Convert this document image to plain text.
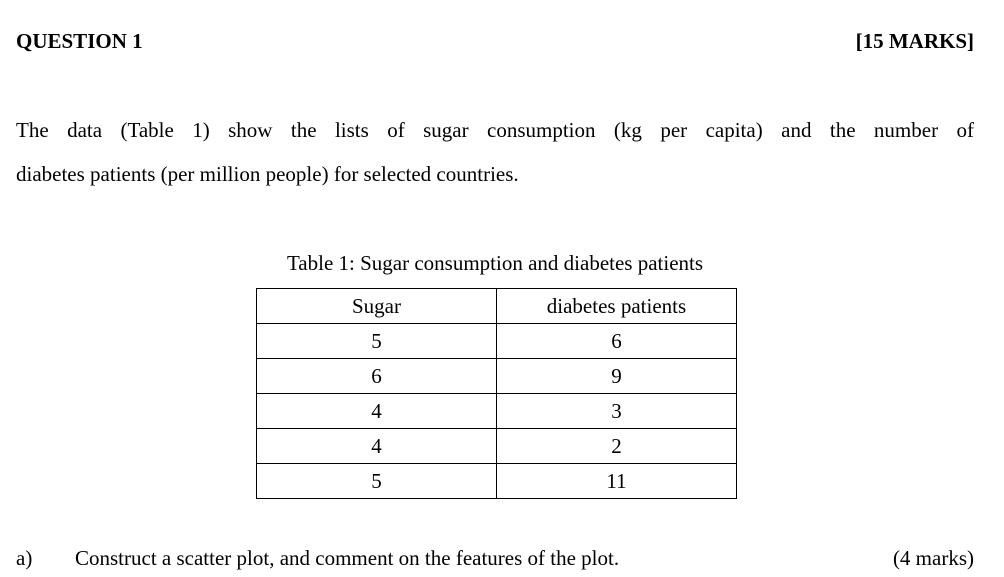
QUESTION 1	[15 MARKS]
The data (Table 1) show the lists of sugar consumption (kg per capita) and the number of
diabetes patients (per million people) for selected countries.
Table 1: Sugar consumption and diabetes patients
Sugar	diabetes patients
5	6
6	9
4	3
4	2
5	11
a) Construct a scatter plot, and comment on the features of the plot.	(4 marks)
